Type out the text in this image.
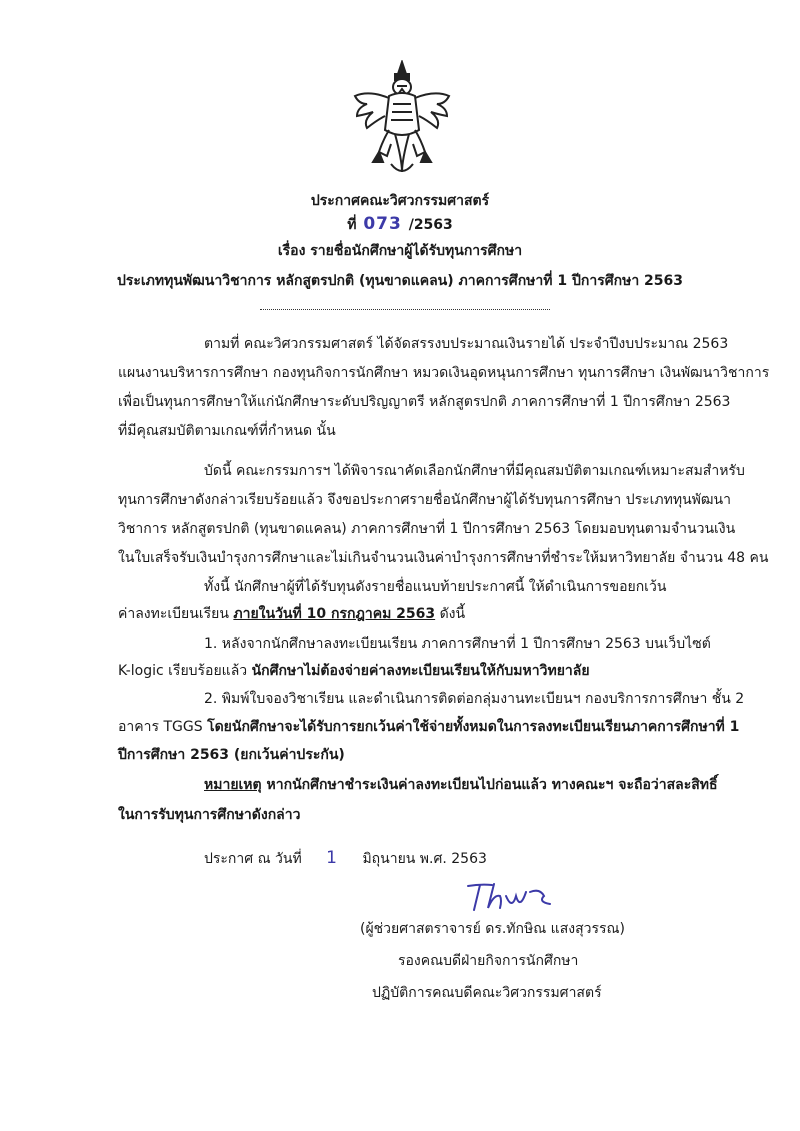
ประกาศคณะวิศวกรรมศาสตร์
ที่ 073 /2563
เรื่อง รายชื่อนักศึกษาผู้ได้รับทุนการศึกษา
ประเภททุนพัฒนาวิชาการ หลักสูตรปกติ (ทุนขาดแคลน) ภาคการศึกษาที่ 1 ปีการศึกษา 2563
ตามที่ คณะวิศวกรรมศาสตร์ ได้จัดสรรงบประมาณเงินรายได้ ประจำปีงบประมาณ 2563
แผนงานบริหารการศึกษา กองทุนกิจการนักศึกษา หมวดเงินอุดหนุนการศึกษา ทุนการศึกษา เงินพัฒนาวิชาการ
เพื่อเป็นทุนการศึกษาให้แก่นักศึกษาระดับปริญญาตรี หลักสูตรปกติ ภาคการศึกษาที่ 1 ปีการศึกษา 2563
ที่มีคุณสมบัติตามเกณฑ์ที่กำหนด นั้น
บัดนี้ คณะกรรมการฯ ได้พิจารณาคัดเลือกนักศึกษาที่มีคุณสมบัติตามเกณฑ์เหมาะสมสำหรับ
ทุนการศึกษาดังกล่าวเรียบร้อยแล้ว จึงขอประกาศรายชื่อนักศึกษาผู้ได้รับทุนการศึกษา ประเภททุนพัฒนา
วิชาการ หลักสูตรปกติ (ทุนขาดแคลน) ภาคการศึกษาที่ 1 ปีการศึกษา 2563 โดยมอบทุนตามจำนวนเงิน
ในใบเสร็จรับเงินบำรุงการศึกษาและไม่เกินจำนวนเงินค่าบำรุงการศึกษาที่ชำระให้มหาวิทยาลัย จำนวน 48 คน
ทั้งนี้ นักศึกษาผู้ที่ได้รับทุนดังรายชื่อแนบท้ายประกาศนี้ ให้ดำเนินการขอยกเว้น
ค่าลงทะเบียนเรียน ภายในวันที่ 10 กรกฎาคม 2563 ดังนี้
1. หลังจากนักศึกษาลงทะเบียนเรียน ภาคการศึกษาที่ 1 ปีการศึกษา 2563 บนเว็บไซต์
K-logic เรียบร้อยแล้ว นักศึกษาไม่ต้องจ่ายค่าลงทะเบียนเรียนให้กับมหาวิทยาลัย
2. พิมพ์ใบจองวิชาเรียน และดำเนินการติดต่อกลุ่มงานทะเบียนฯ กองบริการการศึกษา ชั้น 2
อาคาร TGGS โดยนักศึกษาจะได้รับการยกเว้นค่าใช้จ่ายทั้งหมดในการลงทะเบียนเรียนภาคการศึกษาที่ 1
ปีการศึกษา 2563 (ยกเว้นค่าประกัน)
หมายเหตุ หากนักศึกษาชำระเงินค่าลงทะเบียนไปก่อนแล้ว ทางคณะฯ จะถือว่าสละสิทธิ์
ในการรับทุนการศึกษาดังกล่าว
ประกาศ ณ วันที่ 1 มิถุนายน พ.ศ. 2563
(ผู้ช่วยศาสตราจารย์ ดร.ทักษิณ แสงสุวรรณ)
รองคณบดีฝ่ายกิจการนักศึกษา
ปฏิบัติการคณบดีคณะวิศวกรรมศาสตร์
